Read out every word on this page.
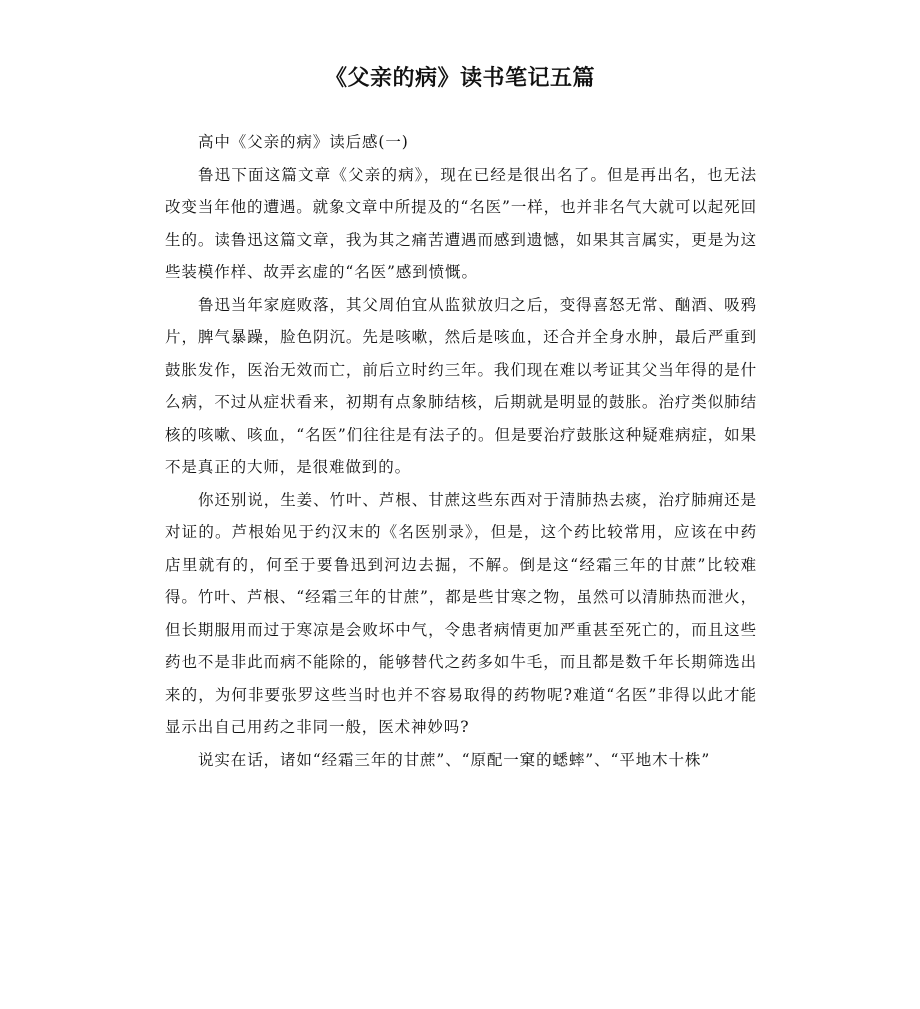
《父亲的病》读书笔记五篇

高中《父亲的病》读后感(一)

鲁迅下面这篇文章《父亲的病》，现在已经是很出名了。但是再出名，也无法改变当年他的遭遇。就象文章中所提及的“名医”一样，也并非名气大就可以起死回生的。读鲁迅这篇文章，我为其之痛苦遭遇而感到遗憾，如果其言属实，更是为这些装模作样、故弄玄虚的“名医”感到愤慨。

鲁迅当年家庭败落，其父周伯宜从监狱放归之后，变得喜怒无常、酗酒、吸鸦片，脾气暴躁，脸色阴沉。先是咳嗽，然后是咳血，还合并全身水肿，最后严重到鼓胀发作，医治无效而亡，前后立时约三年。我们现在难以考证其父当年得的是什么病，不过从症状看来，初期有点象肺结核，后期就是明显的鼓胀。治疗类似肺结核的咳嗽、咳血，“名医”们往往是有法子的。但是要治疗鼓胀这种疑难病症，如果不是真正的大师，是很难做到的。

你还别说，生姜、竹叶、芦根、甘蔗这些东西对于清肺热去痰，治疗肺痈还是对证的。芦根始见于约汉末的《名医别录》，但是，这个药比较常用，应该在中药店里就有的，何至于要鲁迅到河边去掘，不解。倒是这“经霜三年的甘蔗”比较难得。竹叶、芦根、“经霜三年的甘蔗”，都是些甘寒之物，虽然可以清肺热而泄火，但长期服用而过于寒凉是会败坏中气，令患者病情更加严重甚至死亡的，而且这些药也不是非此而病不能除的，能够替代之药多如牛毛，而且都是数千年长期筛选出来的，为何非要张罗这些当时也并不容易取得的药物呢?难道“名医”非得以此才能显示出自己用药之非同一般，医术神妙吗?

说实在话，诸如“经霜三年的甘蔗”、“原配一窠的蟋蟀”、“平地木十株”
